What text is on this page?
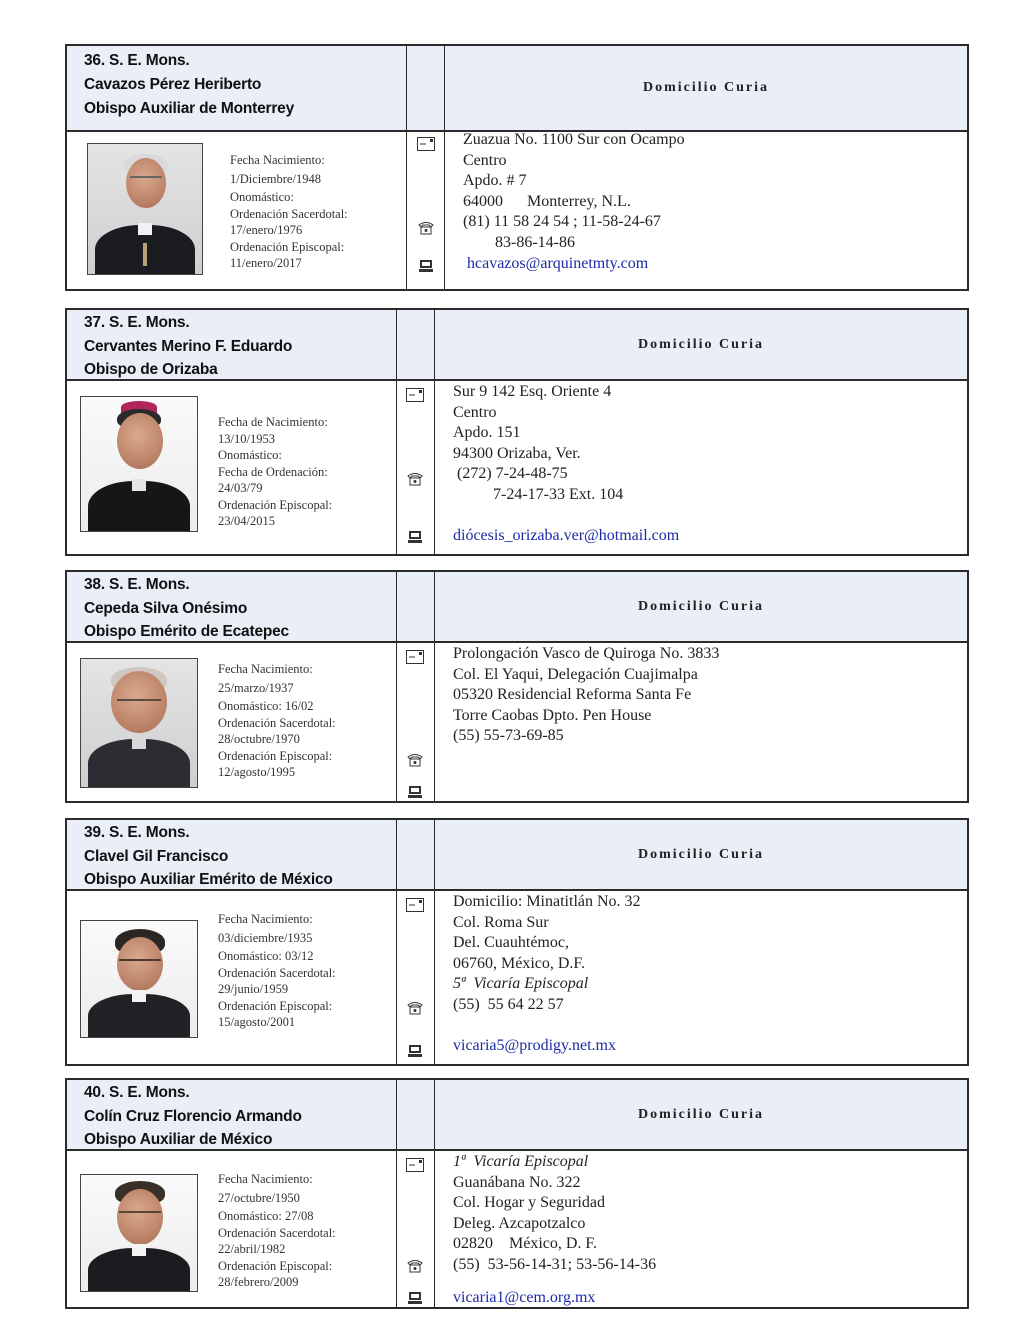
36. S. E. Mons.
Cavazos Pérez Heriberto
Obispo Auxiliar de Monterrey
Domicilio Curia
Fecha Nacimiento:
1/Diciembre/1948
Onomástico:
Ordenación Sacerdotal:
17/enero/1976
Ordenación Episcopal:
11/enero/2017
Zuazua No. 1100 Sur con Ocampo
Centro
Apdo. # 7
64000      Monterrey, N.L.
(81) 11 58 24 54 ; 11-58-24-67
83-86-14-86
hcavazos@arquinetmty.com
37. S. E. Mons.
Cervantes Merino F. Eduardo
Obispo de Orizaba
Domicilio Curia
Fecha de Nacimiento:
13/10/1953
Onomástico:
Fecha de Ordenación:
24/03/79
Ordenación Episcopal:
23/04/2015
Sur 9 142 Esq. Oriente 4
Centro
Apdo. 151
94300 Orizaba, Ver.
(272) 7-24-48-75
7-24-17-33 Ext. 104
diócesis_orizaba.ver@hotmail.com
38. S. E. Mons.
Cepeda Silva Onésimo
Obispo Emérito de Ecatepec
Domicilio Curia
Fecha Nacimiento:
25/marzo/1937
Onomástico: 16/02
Ordenación Sacerdotal:
28/octubre/1970
Ordenación Episcopal:
12/agosto/1995
Prolongación Vasco de Quiroga No. 3833
Col. El Yaqui, Delegación Cuajimalpa
05320 Residencial Reforma Santa Fe
Torre Caobas Dpto. Pen House
(55) 55-73-69-85
39. S. E. Mons.
Clavel Gil Francisco
Obispo Auxiliar Emérito de México
Domicilio Curia
Fecha Nacimiento:
03/diciembre/1935
Onomástico: 03/12
Ordenación Sacerdotal:
29/junio/1959
Ordenación Episcopal:
15/agosto/2001
Domicilio: Minatitlán No. 32
Col. Roma Sur
Del. Cuauhtémoc,
06760, México, D.F.
5ª  Vicaría Episcopal
(55)  55 64 22 57
vicaria5@prodigy.net.mx
40. S. E. Mons.
Colín Cruz Florencio Armando
Obispo Auxiliar de México
Domicilio Curia
Fecha Nacimiento:
27/octubre/1950
Onomástico: 27/08
Ordenación Sacerdotal:
22/abril/1982
Ordenación Episcopal:
28/febrero/2009
1ª  Vicaría Episcopal
Guanábana No. 322
Col. Hogar y Seguridad
Deleg. Azcapotzalco
02820    México, D. F.
(55)  53-56-14-31; 53-56-14-36
vicaria1@cem.org.mx
